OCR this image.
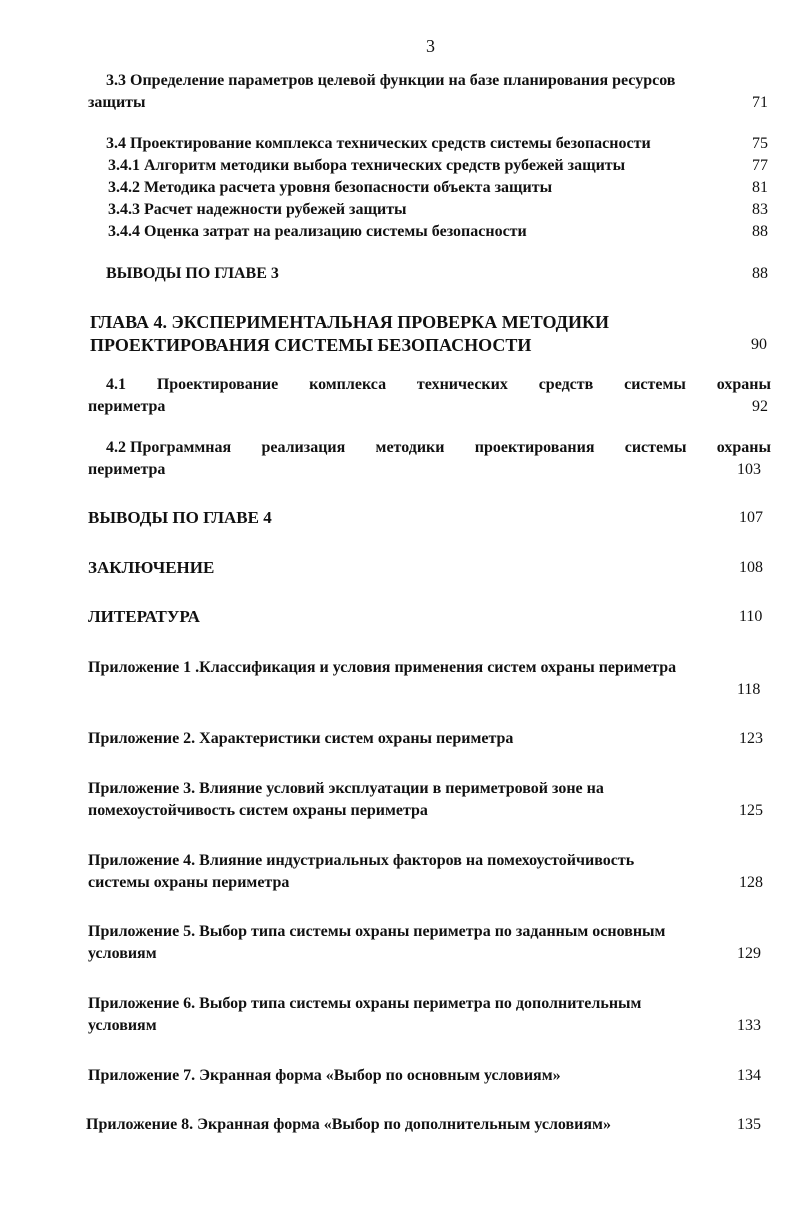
3
3.3 Определение параметров целевой функции на базе планирования ресурсов
защиты	71
3.4 Проектирование комплекса технических средств системы безопасности	75
3.4.1 Алгоритм методики выбора технических средств рубежей защиты	77
3.4.2 Методика расчета уровня безопасности объекта защиты	81
3.4.3 Расчет надежности рубежей защиты	83
3.4.4 Оценка затрат на реализацию системы безопасности	88
ВЫВОДЫ ПО ГЛАВЕ 3	88
ГЛАВА 4. ЭКСПЕРИМЕНТАЛЬНАЯ ПРОВЕРКА МЕТОДИКИ
ПРОЕКТИРОВАНИЯ СИСТЕМЫ БЕЗОПАСНОСТИ	90
4.1 Проектирование комплекса технических средств системы охраны
периметра	92
4.2 Программная реализация методики проектирования системы охраны
периметра	103
ВЫВОДЫ ПО ГЛАВЕ 4	107
ЗАКЛЮЧЕНИЕ	108
ЛИТЕРАТУРА	110
Приложение 1 .Классификация и условия применения систем охраны периметра
118
Приложение 2. Характеристики систем охраны периметра	123
Приложение 3. Влияние условий эксплуатации в периметровой зоне на
помехоустойчивость систем охраны периметра	125
Приложение 4. Влияние индустриальных факторов на помехоустойчивость
системы охраны периметра	128
Приложение 5. Выбор типа системы охраны периметра по заданным основным
условиям	129
Приложение 6. Выбор типа системы охраны периметра по дополнительным
условиям	133
Приложение 7. Экранная форма «Выбор по основным условиям»	134
Приложение 8. Экранная форма «Выбор по дополнительным условиям»	135
